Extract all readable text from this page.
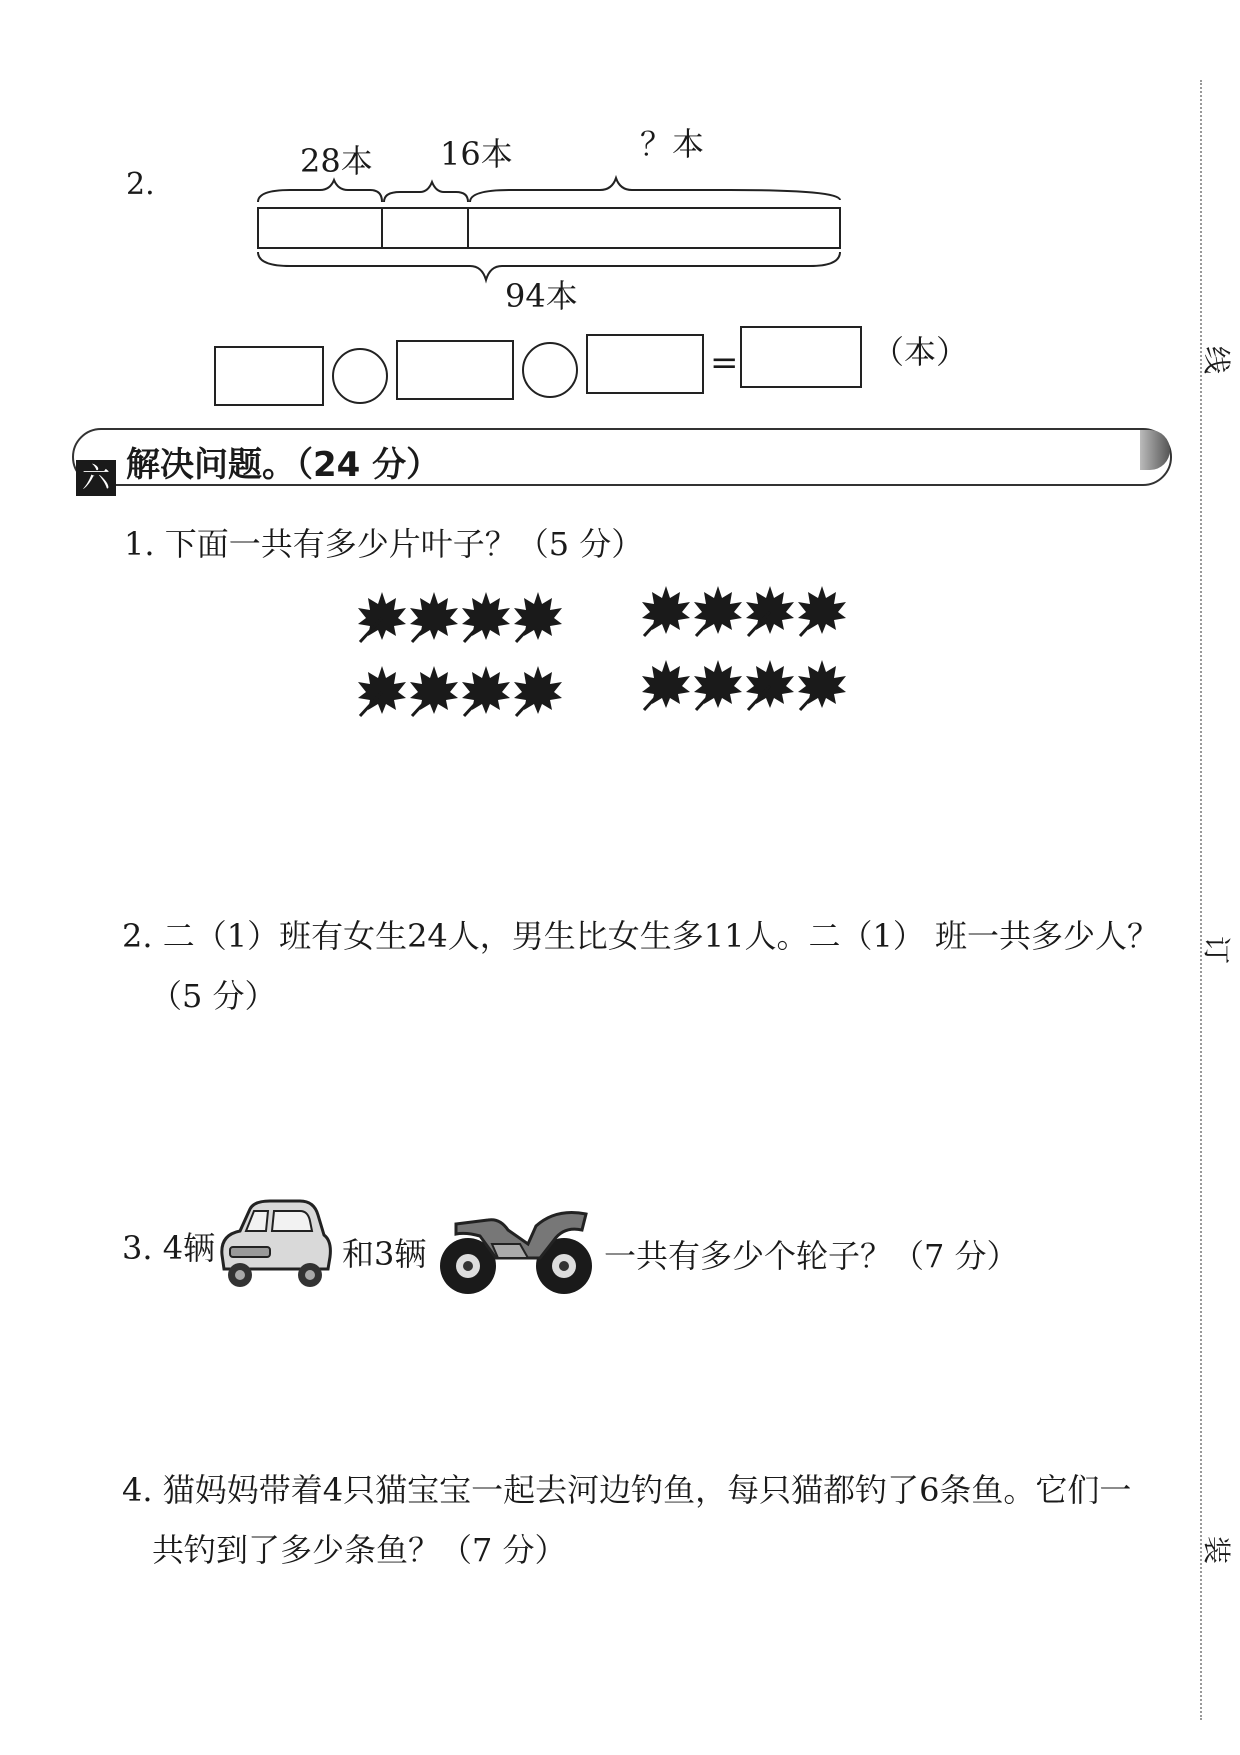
线
订
装
2.
28本 16本	？本
94本
=	（本）
六 解决问题。（24 分）
1. 下面一共有多少片叶子？（5 分）
2. 二（1）班有女生24人，男生比女生多11人。二（1） 班一共多少人？
（5 分）
3. 4辆	和3辆	一共有多少个轮子？（7 分）
4. 猫妈妈带着4只猫宝宝一起去河边钓鱼，每只猫都钓了6条鱼。它们一
共钓到了多少条鱼？（7 分）
